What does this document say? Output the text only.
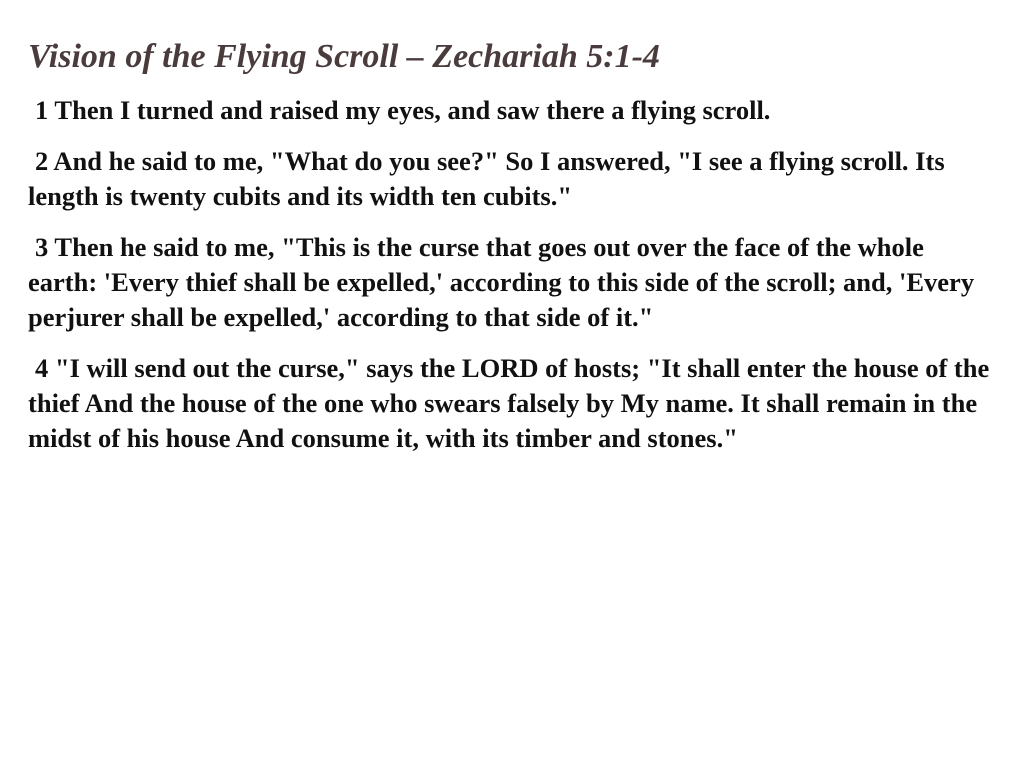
Vision of the Flying Scroll – Zechariah 5:1-4

1 Then I turned and raised my eyes, and saw there a flying scroll.

2 And he said to me, "What do you see?" So I answered, "I see a flying scroll. Its length is twenty cubits and its width ten cubits."

3 Then he said to me, "This is the curse that goes out over the face of the whole earth: 'Every thief shall be expelled,' according to this side of the scroll; and, 'Every perjurer shall be expelled,' according to that side of it."

4 "I will send out the curse," says the LORD of hosts; "It shall enter the house of the thief And the house of the one who swears falsely by My name. It shall remain in the midst of his house And consume it, with its timber and stones."
